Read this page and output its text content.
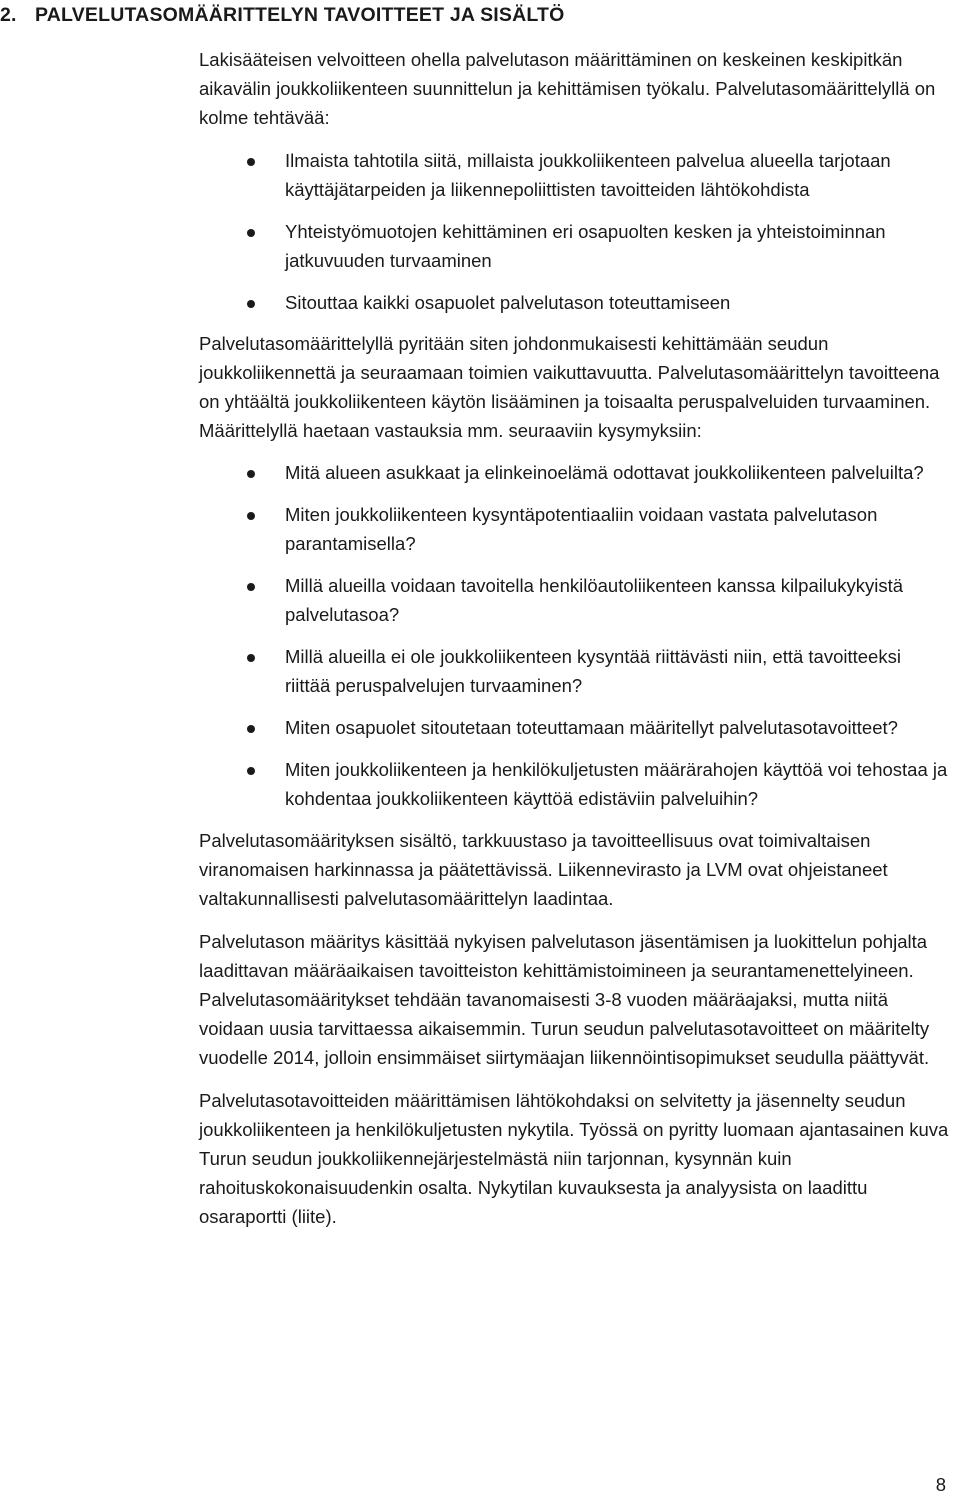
2. PALVELUTASOMÄÄRITTELYN TAVOITTEET JA SISÄLTÖ

Lakisääteisen velvoitteen ohella palvelutason määrittäminen on keskeinen keskipitkän aikavälin joukkoliikenteen suunnittelun ja kehittämisen työkalu. Palvelutasomäärittelyllä on kolme tehtävää:

Ilmaista tahtotila siitä, millaista joukkoliikenteen palvelua alueella tarjotaan käyttäjätarpeiden ja liikennepoliittisten tavoitteiden lähtökohdista
Yhteistyömuotojen kehittäminen eri osapuolten kesken ja yhteistoiminnan jatkuvuuden turvaaminen
Sitouttaa kaikki osapuolet palvelutason toteuttamiseen

Palvelutasomäärittelyllä pyritään siten johdonmukaisesti kehittämään seudun joukkoliikennettä ja seuraamaan toimien vaikuttavuutta. Palvelutasomäärittelyn tavoitteena on yhtäältä joukkoliikenteen käytön lisääminen ja toisaalta peruspalveluiden turvaaminen. Määrittelyllä haetaan vastauksia mm. seuraaviin kysymyksiin:

Mitä alueen asukkaat ja elinkeinoelämä odottavat joukkoliikenteen palveluilta?
Miten joukkoliikenteen kysyntäpotentiaaliin voidaan vastata palvelutason parantamisella?
Millä alueilla voidaan tavoitella henkilöautoliikenteen kanssa kilpailukykyistä palvelutasoa?
Millä alueilla ei ole joukkoliikenteen kysyntää riittävästi niin, että tavoitteeksi riittää peruspalvelujen turvaaminen?
Miten osapuolet sitoutetaan toteuttamaan määritellyt palvelutasotavoitteet?
Miten joukkoliikenteen ja henkilökuljetusten määrärahojen käyttöä voi tehostaa ja kohdentaa joukkoliikenteen käyttöä edistäviin palveluihin?

Palvelutasomäärityksen sisältö, tarkkuustaso ja tavoitteellisuus ovat toimivaltaisen viranomaisen harkinnassa ja päätettävissä. Liikennevirasto ja LVM ovat ohjeistaneet valtakunnallisesti palvelutasomäärittelyn laadintaa.

Palvelutason määritys käsittää nykyisen palvelutason jäsentämisen ja luokittelun pohjalta laadittavan määräaikaisen tavoitteiston kehittämistoimineen ja seurantamenettelyineen. Palvelutasomääritykset tehdään tavanomaisesti 3-8 vuoden määräajaksi, mutta niitä voidaan uusia tarvittaessa aikaisemmin. Turun seudun palvelutasotavoitteet on määritelty vuodelle 2014, jolloin ensimmäiset siirtymäajan liikennöintisopimukset seudulla päättyvät.

Palvelutasotavoitteiden määrittämisen lähtökohdaksi on selvitetty ja jäsennelty seudun joukkoliikenteen ja henkilökuljetusten nykytila. Työssä on pyritty luomaan ajantasainen kuva Turun seudun joukkoliikennejärjestelmästä niin tarjonnan, kysynnän kuin rahoituskokonaisuudenkin osalta. Nykytilan kuvauksesta ja analyysista on laadittu osaraportti (liite).

8
